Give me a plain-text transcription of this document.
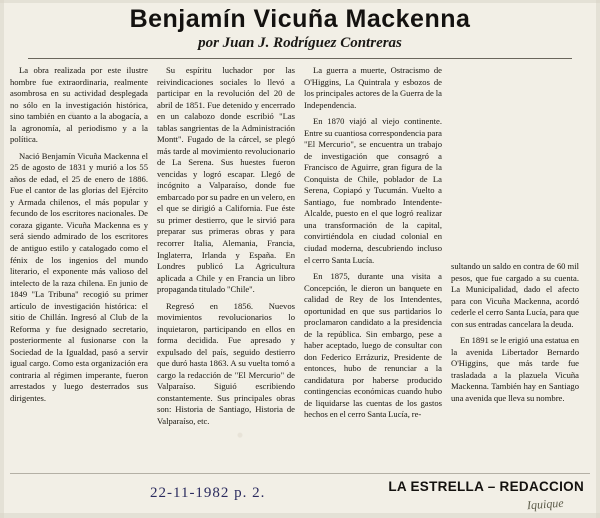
Benjamín Vicuña Mackenna
por Juan J. Rodríguez Contreras

La obra realizada por este ilustre hombre fue extraordinaria, realmente asombrosa en su actividad desplegada no sólo en la investigación histórica, sino también en cuanto a la abogacía, a la agronomía, al periodismo y a la política.

Nació Benjamín Vicuña Mackenna el 25 de agosto de 1831 y murió a los 55 años de edad, el 25 de enero de 1886. Fue el cantor de las glorias del Ejército y Armada chilenos, el más popular y fecundo de los escritores nacionales. De coraza gigante. Vicuña Mackenna es y será siendo admirado de los escritores de antiguo estilo y catalogado como el fénix de los ingenios del mundo literario, el exponente más valioso del intelecto de la raza chilena. En junio de 1849 "La Tribuna" recogió su primer artículo de investigación histórica: el sitio de Chillán. Ingresó al Club de la Reforma y fue designado secretario, posteriormente al fusionarse con la Sociedad de la Igualdad, pasó a servir igual cargo. Como esta organización era contraria al régimen imperante, fueron arrestados y luego desterrados sus dirigentes.

Su espíritu luchador por las reivindicaciones sociales lo llevó a participar en la revolución del 20 de abril de 1851. Fue detenido y encerrado en un calabozo donde escribió "Las tablas sangrientas de la Administración Montt". Fugado de la cárcel, se plegó más tarde al movimiento revolucionario de La Serena. Sus huestes fueron vencidas y logró escapar. Llegó de incógnito a Valparaíso, donde fue embarcado por su padre en un velero, en el que se dirigió a California. Fue éste su primer destierro, que le sirvió para preparar sus primeras obras y para recorrer Italia, Alemania, Francia, Inglaterra, Irlanda y España. En Londres publicó La Agricultura aplicada a Chile y en Francia un libro propaganda titulado "Chile".

Regresó en 1856. Nuevos movimientos revolucionarios lo inquietaron, participando en ellos en forma decidida. Fue apresado y expulsado del país, seguido destierro que duró hasta 1863. A su vuelta tomó a cargo la redacción de "El Mercurio" de Valparaíso. Siguió escribiendo constantemente. Sus principales obras son: Historia de Santiago, Historia de Valparaíso, etc.

La guerra a muerte, Ostracismo de O'Higgins, La Quintrala y esbozos de los principales actores de la Guerra de la Independencia.

En 1870 viajó al viejo continente. Entre su cuantiosa correspondencia para "El Mercurio", se encuentra un trabajo de investigación que consagró a Francisco de Aguirre, gran figura de la Conquista de Chile, poblador de La Serena, Copiapó y Tucumán. Vuelto a Santiago, fue nombrado Intendente-Alcalde, puesto en el que logró realizar una transformación de la capital, convirtiéndola en ciudad colonial en ciudad moderna, descubriendo incluso el cerro Santa Lucía.

En 1875, durante una visita a Concepción, le dieron un banquete en calidad de Rey de los Intendentes, oportunidad en que sus partidarios lo proclamaron candidato a la presidencia de la república. Sin embargo, pese a haber aceptado, luego de consultar con don Federico Errázuriz, Presidente de entonces, hubo de renunciar a la candidatura por haberse producido contingencias económicas cuando hubo de liquidarse las cuentas de los gastos hechos en el cerro Santa Lucía, re-

sultando un saldo en contra de 60 mil pesos, que fue cargado a su cuenta. La Municipalidad, dado el afecto para con Vicuña Mackenna, acordó cederle el cerro Santa Lucía, para que con sus entradas cancelara la deuda.

En 1891 se le erigió una estatua en la avenida Libertador Bernardo O'Higgins, que más tarde fue trasladada a la plazuela Vicuña Mackenna. También hay en Santiago una avenida que lleva su nombre.

22-11-1982 p. 2.	LA ESTRELLA – REDACCION
Iquique
